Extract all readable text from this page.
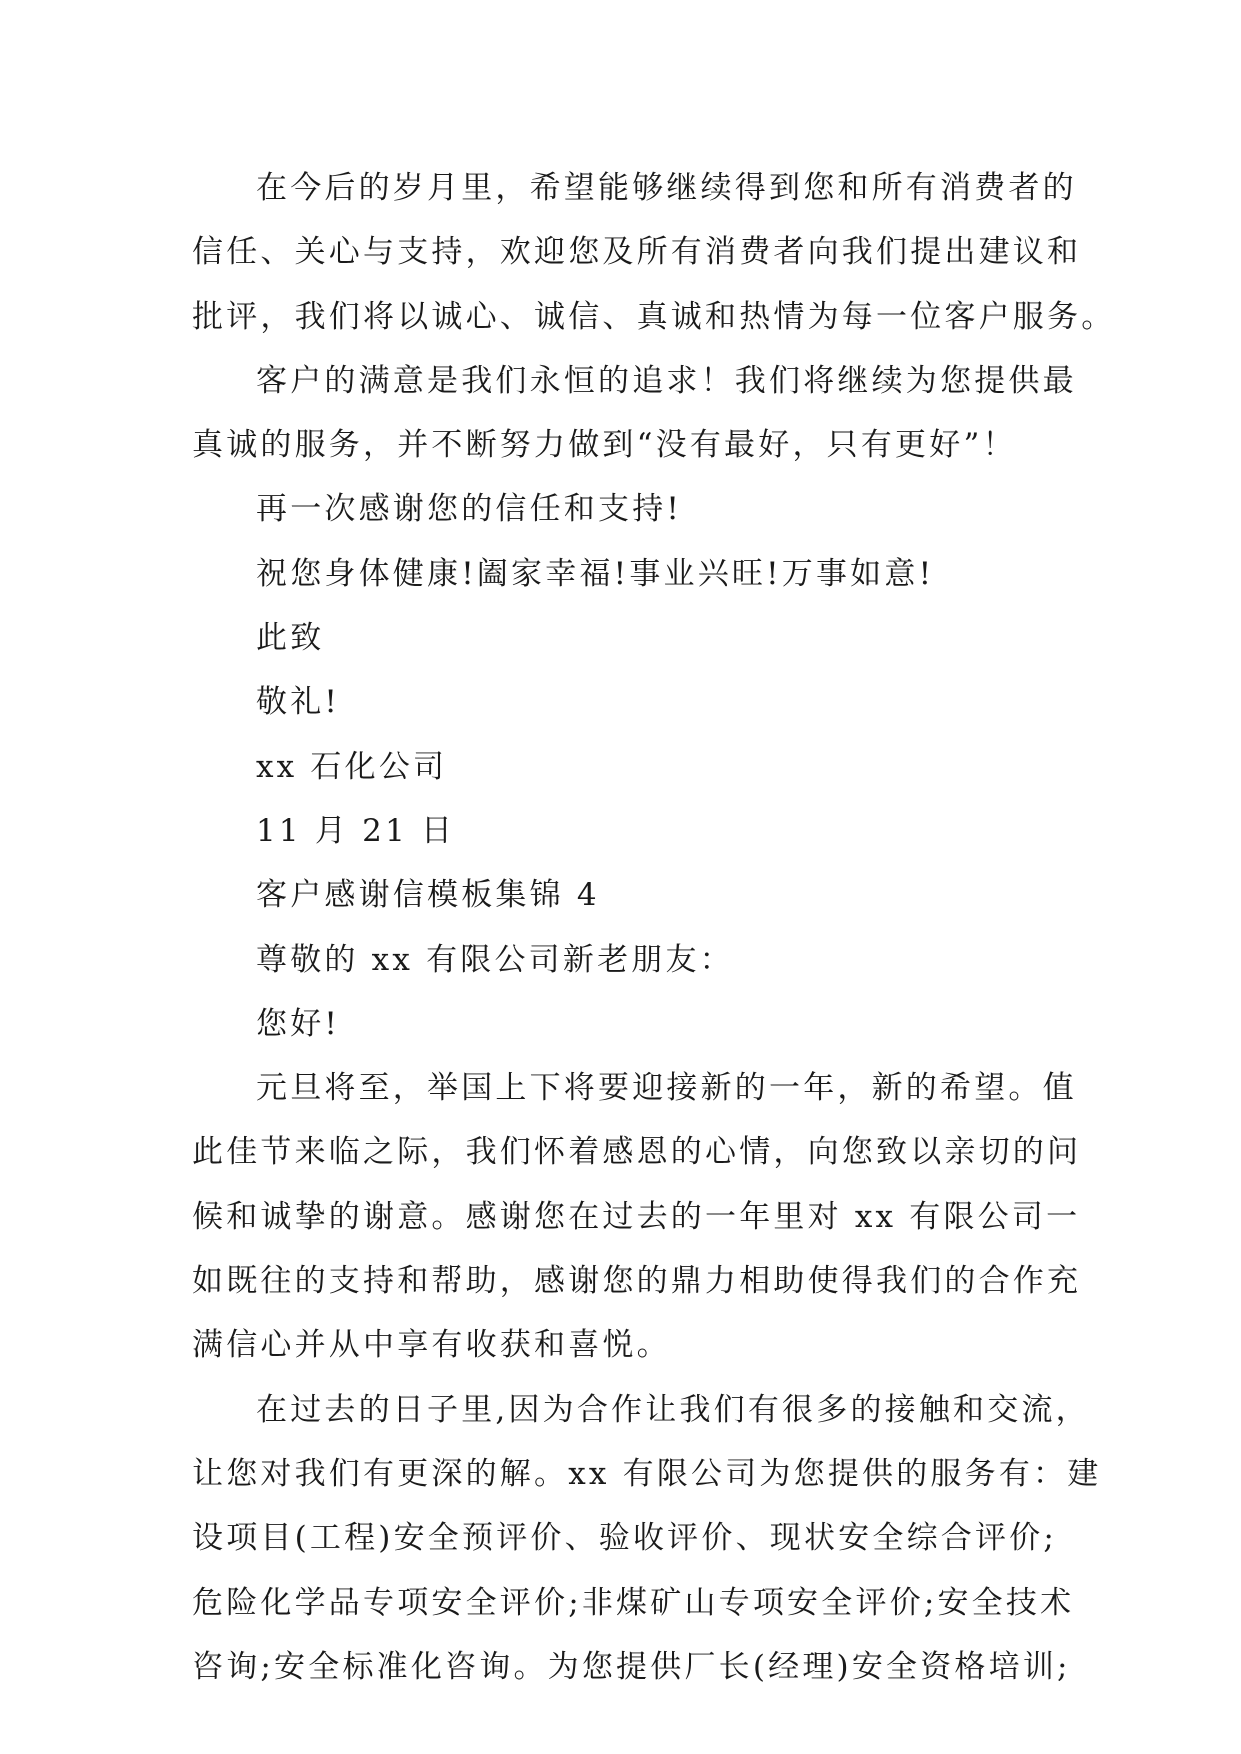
在今后的岁月里，希望能够继续得到您和所有消费者的
信任、关心与支持，欢迎您及所有消费者向我们提出建议和
批评，我们将以诚心、诚信、真诚和热情为每一位客户服务。
客户的满意是我们永恒的追求！我们将继续为您提供最
真诚的服务，并不断努力做到“没有最好，只有更好”！
再一次感谢您的信任和支持!
祝您身体健康!阖家幸福!事业兴旺!万事如意!
此致
敬礼!
xx 石化公司
11 月 21 日
客户感谢信模板集锦 4
尊敬的 xx 有限公司新老朋友：
您好!
元旦将至，举国上下将要迎接新的一年，新的希望。值
此佳节来临之际，我们怀着感恩的心情，向您致以亲切的问
候和诚挚的谢意。感谢您在过去的一年里对 xx 有限公司一
如既往的支持和帮助，感谢您的鼎力相助使得我们的合作充
满信心并从中享有收获和喜悦。
在过去的日子里,因为合作让我们有很多的接触和交流，
让您对我们有更深的解。xx 有限公司为您提供的服务有：建
设项目(工程)安全预评价、验收评价、现状安全综合评价;
危险化学品专项安全评价;非煤矿山专项安全评价;安全技术
咨询;安全标准化咨询。为您提供厂长(经理)安全资格培训;
